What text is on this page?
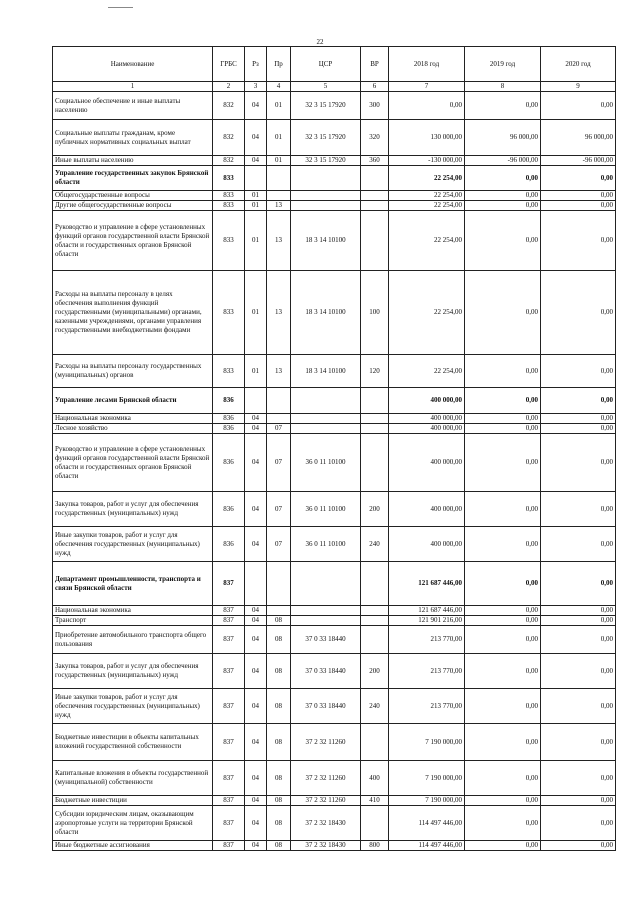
22
Наименование	ГРБС	Рз	Пр	ЦСР	ВР	2018 год	2019 год	2020 год
1	2	3	4	5	6	7	8	9
Социальное обеспечение и иные выплаты населению	832	04	01	32 3 15 17920	300	0,00	0,00	0,00
Социальные выплаты гражданам, кроме публичных нормативных социальных выплат	832	04	01	32 3 15 17920	320	130 000,00	96 000,00	96 000,00
Иные выплаты населению	832	04	01	32 3 15 17920	360	-130 000,00	-96 000,00	-96 000,00
Управление государственных закупок Брянской области	833					22 254,00	0,00	0,00
Общегосударственные вопросы	833	01				22 254,00	0,00	0,00
Другие общегосударственные вопросы	833	01	13			22 254,00	0,00	0,00
Руководство и управление в сфере установленных функций органов государственной власти Брянской области и государственных органов Брянской области	833	01	13	18 3 14 10100		22 254,00	0,00	0,00
Расходы на выплаты персоналу в целях обеспечения выполнения функций государственными (муниципальными) органами, казенными учреждениями, органами управления государственными внебюджетными фондами	833	01	13	18 3 14 10100	100	22 254,00	0,00	0,00
Расходы на выплаты персоналу государственных (муниципальных) органов	833	01	13	18 3 14 10100	120	22 254,00	0,00	0,00
Управление лесами Брянской области	836					400 000,00	0,00	0,00
Национальная экономика	836	04				400 000,00	0,00	0,00
Лесное хозяйство	836	04	07			400 000,00	0,00	0,00
Руководство и управление в сфере установленных функций органов государственной власти Брянской области и государственных органов Брянской области	836	04	07	36 0 11 10100		400 000,00	0,00	0,00
Закупка товаров, работ и услуг для обеспечения государственных (муниципальных) нужд	836	04	07	36 0 11 10100	200	400 000,00	0,00	0,00
Иные закупки товаров, работ и услуг для обеспечения государственных (муниципальных) нужд	836	04	07	36 0 11 10100	240	400 000,00	0,00	0,00
Департамент промышленности, транспорта и связи Брянской области	837					121 687 446,00	0,00	0,00
Национальная экономика	837	04				121 687 446,00	0,00	0,00
Транспорт	837	04	08			121 901 216,00	0,00	0,00
Приобретение автомобильного транспорта общего пользования	837	04	08	37 0 33 18440		213 770,00	0,00	0,00
Закупка товаров, работ и услуг для обеспечения государственных (муниципальных) нужд	837	04	08	37 0 33 18440	200	213 770,00	0,00	0,00
Иные закупки товаров, работ и услуг для обеспечения государственных (муниципальных) нужд	837	04	08	37 0 33 18440	240	213 770,00	0,00	0,00
Бюджетные инвестиции в объекты капитальных вложений государственной собственности	837	04	08	37 2 32 11260		7 190 000,00	0,00	0,00
Капитальные вложения в объекты государственной (муниципальной) собственности	837	04	08	37 2 32 11260	400	7 190 000,00	0,00	0,00
Бюджетные инвестиции	837	04	08	37 2 32 11260	410	7 190 000,00	0,00	0,00
Субсидии юридическим лицам, оказывающим аэропортовые услуги на территории Брянской области	837	04	08	37 2 32 18430		114 497 446,00	0,00	0,00
Иные бюджетные ассигнования	837	04	08	37 2 32 18430	800	114 497 446,00	0,00	0,00
